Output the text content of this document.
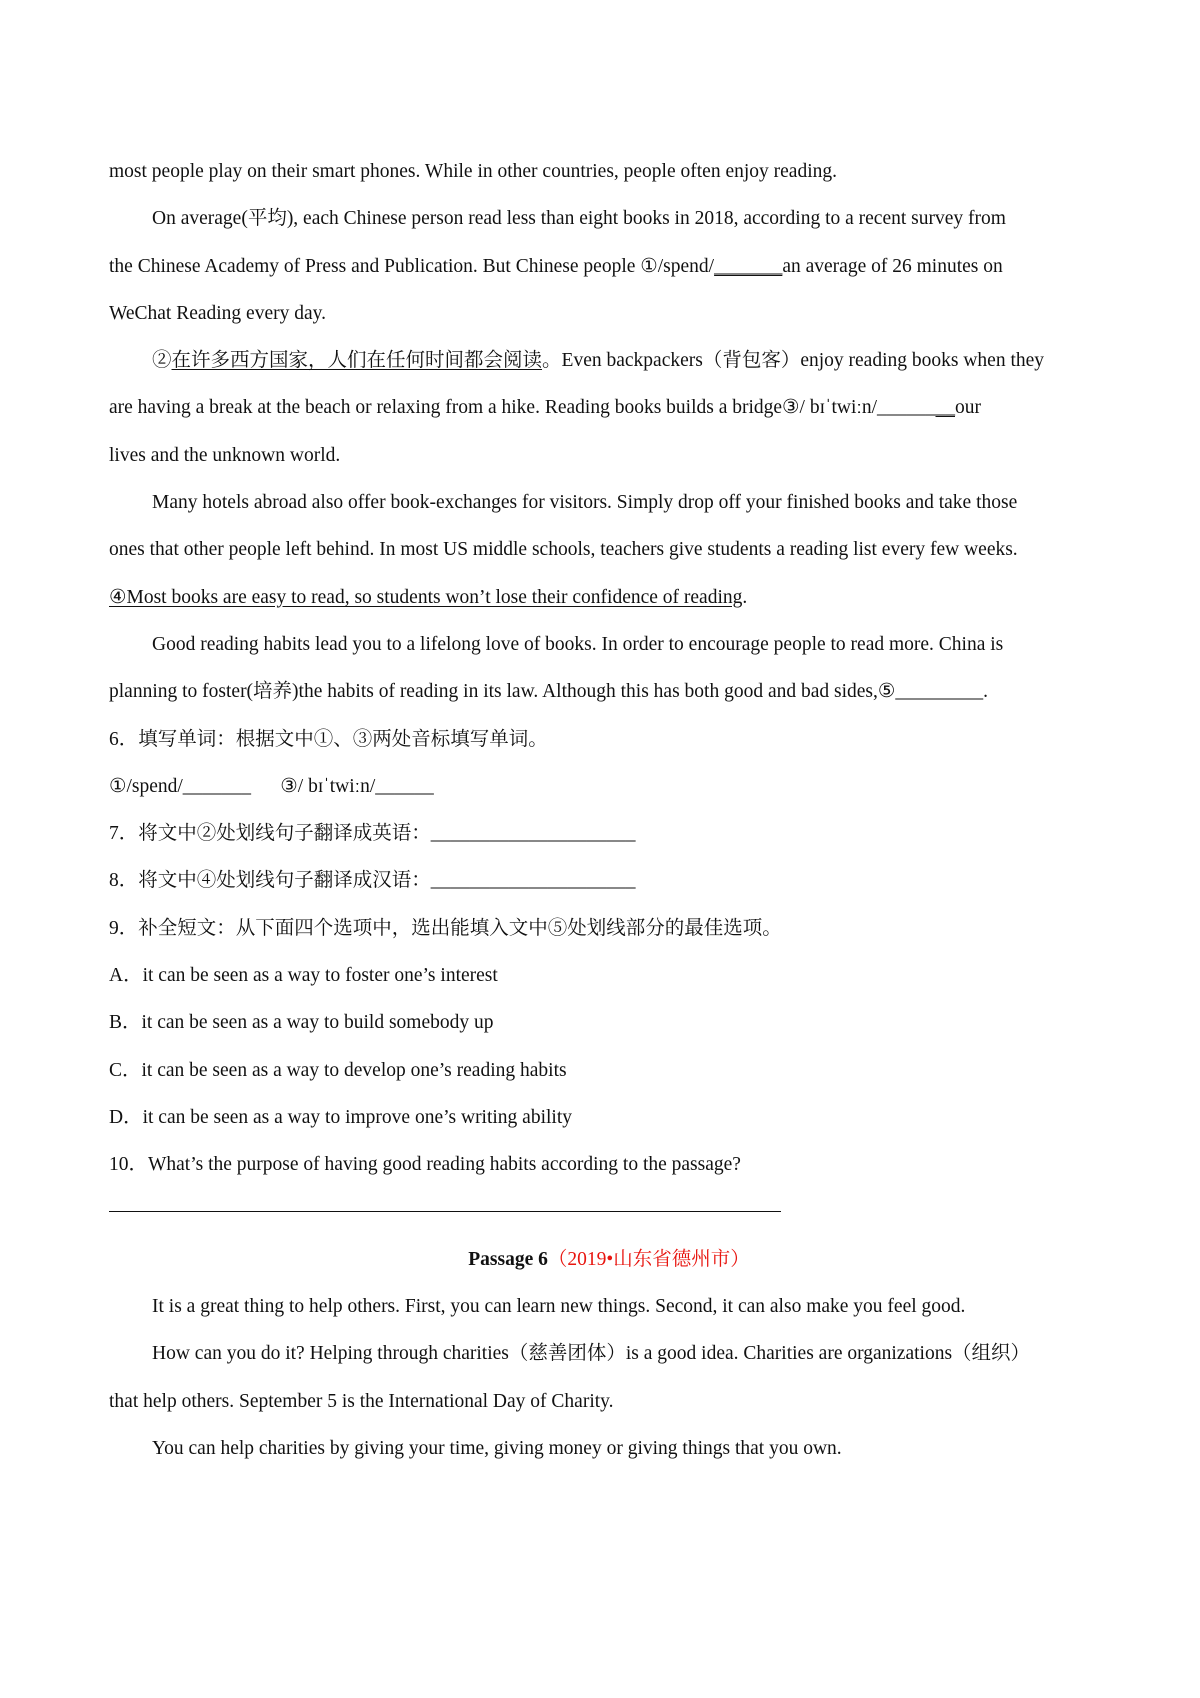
most people play on their smart phones. While in other countries, people often enjoy reading.

On average(平均), each Chinese person read less than eight books in 2018, according to a recent survey from

the Chinese Academy of Press and Publication. But Chinese people ①/spend/_______an average of 26 minutes on

WeChat Reading every day.

②在许多西方国家，人们在任何时间都会阅读。Even backpackers（背包客）enjoy reading books when they

are having a break at the beach or relaxing from a hike. Reading books builds a bridge③/ bɪˈtwiːn/________our

lives and the unknown world.

Many hotels abroad also offer book-exchanges for visitors. Simply drop off your finished books and take those

ones that other people left behind. In most US middle schools, teachers give students a reading list every few weeks.

④Most books are easy to read, so students won’t lose their confidence of reading.

Good reading habits lead you to a lifelong love of books. In order to encourage people to read more. China is

planning to foster(培养)the habits of reading in its law. Although this has both good and bad sides,⑤_________.

6．填写单词：根据文中①、③两处音标填写单词。

①/spend/_______      ③/ bɪˈtwiːn/______

7．将文中②处划线句子翻译成英语：_____________________

8．将文中④处划线句子翻译成汉语：_____________________

9．补全短文：从下面四个选项中，选出能填入文中⑤处划线部分的最佳选项。

A．it can be seen as a way to foster one’s interest

B．it can be seen as a way to build somebody up

C．it can be seen as a way to develop one’s reading habits

D．it can be seen as a way to improve one’s writing ability

10．What’s the purpose of having good reading habits according to the passage?

Passage 6（2019•山东省德州市）

It is a great thing to help others. First, you can learn new things. Second, it can also make you feel good.

How can you do it? Helping through charities（慈善团体）is a good idea. Charities are organizations（组织）

that help others. September 5 is the International Day of Charity.

You can help charities by giving your time, giving money or giving things that you own.
